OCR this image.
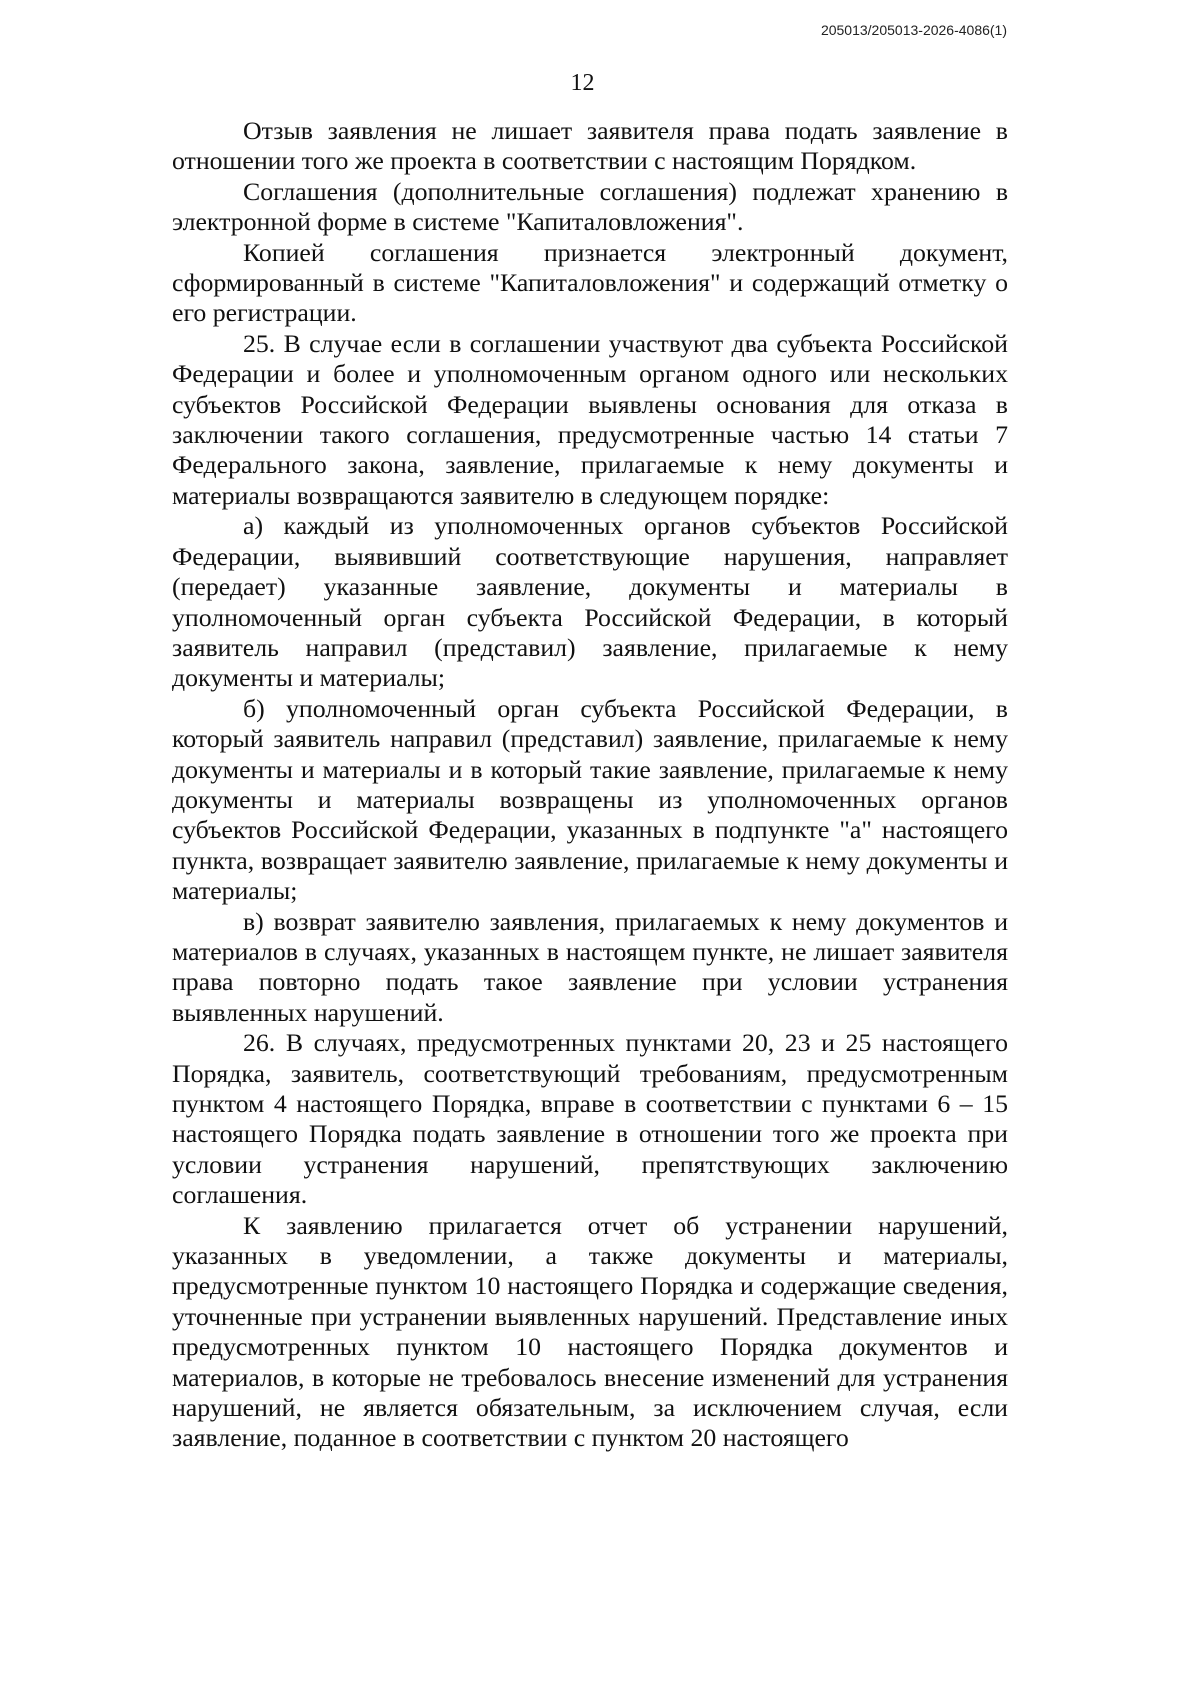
205013/205013-2026-4086(1)
12

Отзыв заявления не лишает заявителя права подать заявление в отношении того же проекта в соответствии с настоящим Порядком.

Соглашения (дополнительные соглашения) подлежат хранению в электронной форме в системе "Капиталовложения".

Копией соглашения признается электронный документ, сформированный в системе "Капиталовложения" и содержащий отметку о его регистрации.

25. В случае если в соглашении участвуют два субъекта Российской Федерации и более и уполномоченным органом одного или нескольких субъектов Российской Федерации выявлены основания для отказа в заключении такого соглашения, предусмотренные частью 14 статьи 7 Федерального закона, заявление, прилагаемые к нему документы и материалы возвращаются заявителю в следующем порядке:

а) каждый из уполномоченных органов субъектов Российской Федерации, выявивший соответствующие нарушения, направляет (передает) указанные заявление, документы и материалы в уполномоченный орган субъекта Российской Федерации, в который заявитель направил (представил) заявление, прилагаемые к нему документы и материалы;

б) уполномоченный орган субъекта Российской Федерации, в который заявитель направил (представил) заявление, прилагаемые к нему документы и материалы и в который такие заявление, прилагаемые к нему документы и материалы возвращены из уполномоченных органов субъектов Российской Федерации, указанных в подпункте "а" настоящего пункта, возвращает заявителю заявление, прилагаемые к нему документы и материалы;

в) возврат заявителю заявления, прилагаемых к нему документов и материалов в случаях, указанных в настоящем пункте, не лишает заявителя права повторно подать такое заявление при условии устранения выявленных нарушений.

26. В случаях, предусмотренных пунктами 20, 23 и 25 настоящего Порядка, заявитель, соответствующий требованиям, предусмотренным пунктом 4 настоящего Порядка, вправе в соответствии с пунктами 6 – 15 настоящего Порядка подать заявление в отношении того же проекта при условии устранения нарушений, препятствующих заключению соглашения.

К заявлению прилагается отчет об устранении нарушений, указанных в уведомлении, а также документы и материалы, предусмотренные пунктом 10 настоящего Порядка и содержащие сведения, уточненные при устранении выявленных нарушений. Представление иных предусмотренных пунктом 10 настоящего Порядка документов и материалов, в которые не требовалось внесение изменений для устранения нарушений, не является обязательным, за исключением случая, если заявление, поданное в соответствии с пунктом 20 настоящего
